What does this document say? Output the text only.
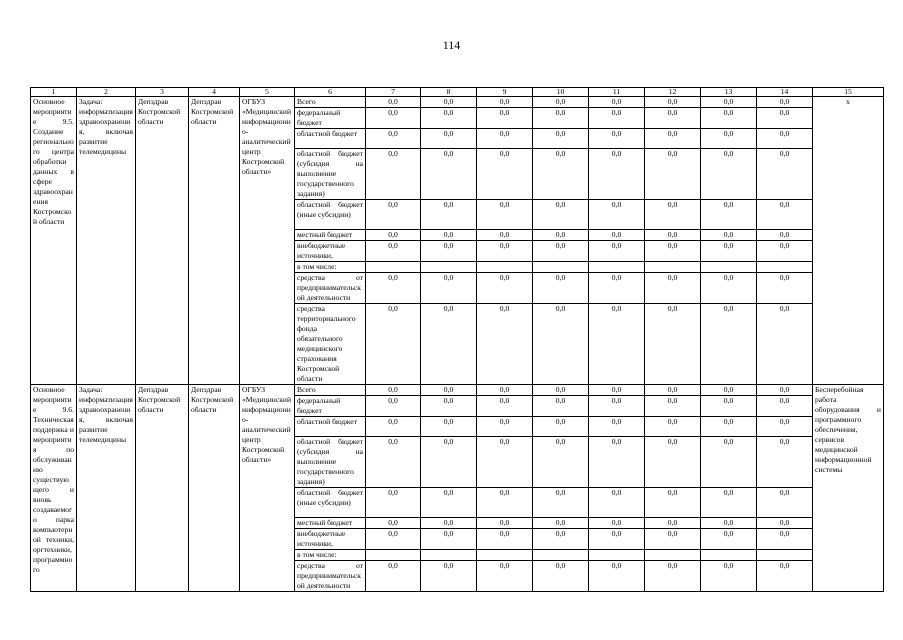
114
1	2	3	4	5	6	7	8	9	10	11	12	13	14	15
Основное мероприятие 9.5. Создание регионального центра обработки данных в сфере здравоохранения Костромской области	Задача: информатизация здравоохранения, включая развитие телемедицины	Депздрав Костромской области	Депздрав Костромской области	ОГБУЗ «Медицинский информационно-аналитический центр Костромской области»	Всего	0,0	0,0	0,0	0,0	0,0	0,0	0,0	0,0	х
					федеральный бюджет	0,0	0,0	0,0	0,0	0,0	0,0	0,0	0,0	
					областной бюджет	0,0	0,0	0,0	0,0	0,0	0,0	0,0	0,0	
					областной бюджет (субсидия на выполнение государственного задания)	0,0	0,0	0,0	0,0	0,0	0,0	0,0	0,0	
					областной бюджет (иные субсидии)	0,0	0,0	0,0	0,0	0,0	0,0	0,0	0,0	
					местный бюджет	0,0	0,0	0,0	0,0	0,0	0,0	0,0	0,0	
					внебюджетные источники,	0,0	0,0	0,0	0,0	0,0	0,0	0,0	0,0	
					в том числе:									
					средства от предпринимательской деятельности	0,0	0,0	0,0	0,0	0,0	0,0	0,0	0,0	
					средства территориального фонда обязательного медицинского страхования Костромской области	0,0	0,0	0,0	0,0	0,0	0,0	0,0	0,0	
Основное мероприятие 9.6. Техническая поддержка и мероприятия по обслуживанию существующего и вновь создаваемого парка компьютерной техники, оргтехники, программного	Задача: информатизация здравоохранения, включая развитие телемедицины	Депздрав Костромской области	Депздрав Костромской области	ОГБУЗ «Медицинский информационно-аналитический центр Костромской области»	Всего	0,0	0,0	0,0	0,0	0,0	0,0	0,0	0,0	Бесперебойная работа оборудования и программного обеспечения, сервисов медицинской информационной системы
					федеральный бюджет	0,0	0,0	0,0	0,0	0,0	0,0	0,0	0,0	
					областной бюджет	0,0	0,0	0,0	0,0	0,0	0,0	0,0	0,0	
					областной бюджет (субсидия на выполнение государственного задания)	0,0	0,0	0,0	0,0	0,0	0,0	0,0	0,0	
					областной бюджет (иные субсидии)	0,0	0,0	0,0	0,0	0,0	0,0	0,0	0,0	
					местный бюджет	0,0	0,0	0,0	0,0	0,0	0,0	0,0	0,0	
					внебюджетные источники,	0,0	0,0	0,0	0,0	0,0	0,0	0,0	0,0	
					в том числе:									
					средства от предпринимательской деятельности	0,0	0,0	0,0	0,0	0,0	0,0	0,0	0,0	
